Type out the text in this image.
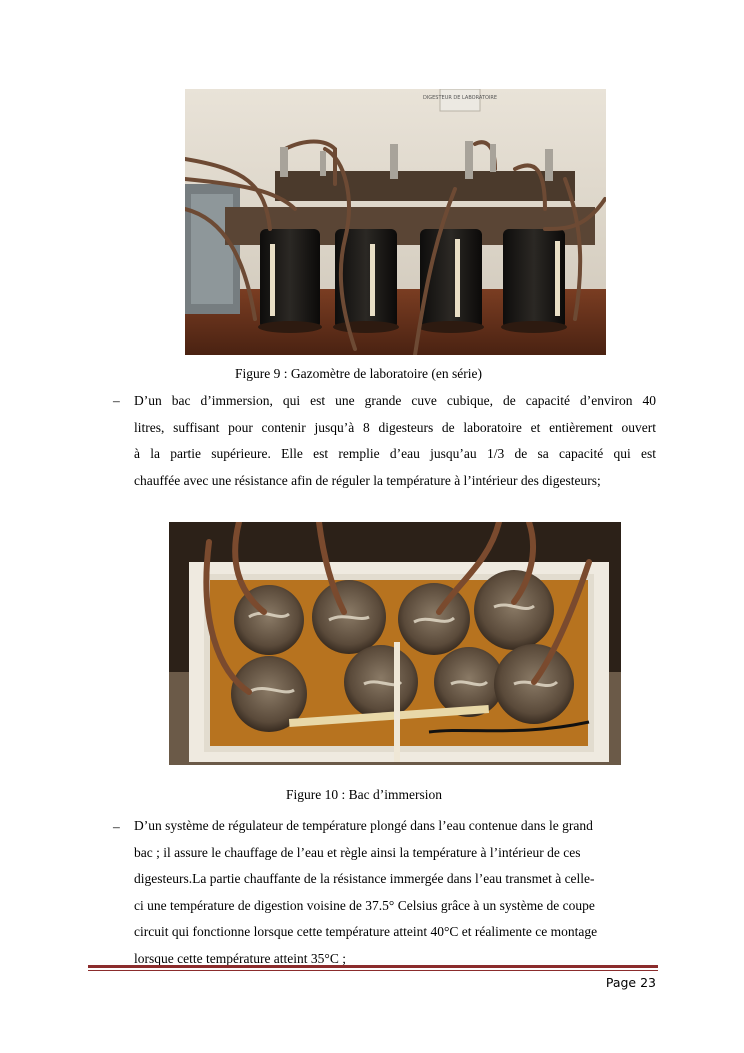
DIGESTEUR DE LABORATOIRE
Figure 9 : Gazomètre de laboratoire (en série)
– D’un bac d’immersion, qui est une grande cuve cubique, de capacité d’environ 40
litres, suffisant pour contenir jusqu’à 8 digesteurs de laboratoire et entièrement ouvert
à la partie supérieure. Elle est remplie d’eau jusqu’au 1/3 de sa capacité qui est
chauffée avec une résistance afin de réguler la température à l’intérieur des digesteurs;
Figure 10 : Bac d’immersion
– D’un système de régulateur de température plongé dans l’eau contenue dans le grand
bac ; il assure le chauffage de l’eau et règle ainsi la température à l’intérieur de ces
digesteurs.La partie chauffante de la résistance immergée dans l’eau transmet à celle-
ci une température de digestion voisine de 37.5° Celsius grâce à un système de coupe
circuit qui fonctionne lorsque cette température atteint 40°C et réalimente ce montage
lorsque cette température atteint 35°C ;
Page 23
